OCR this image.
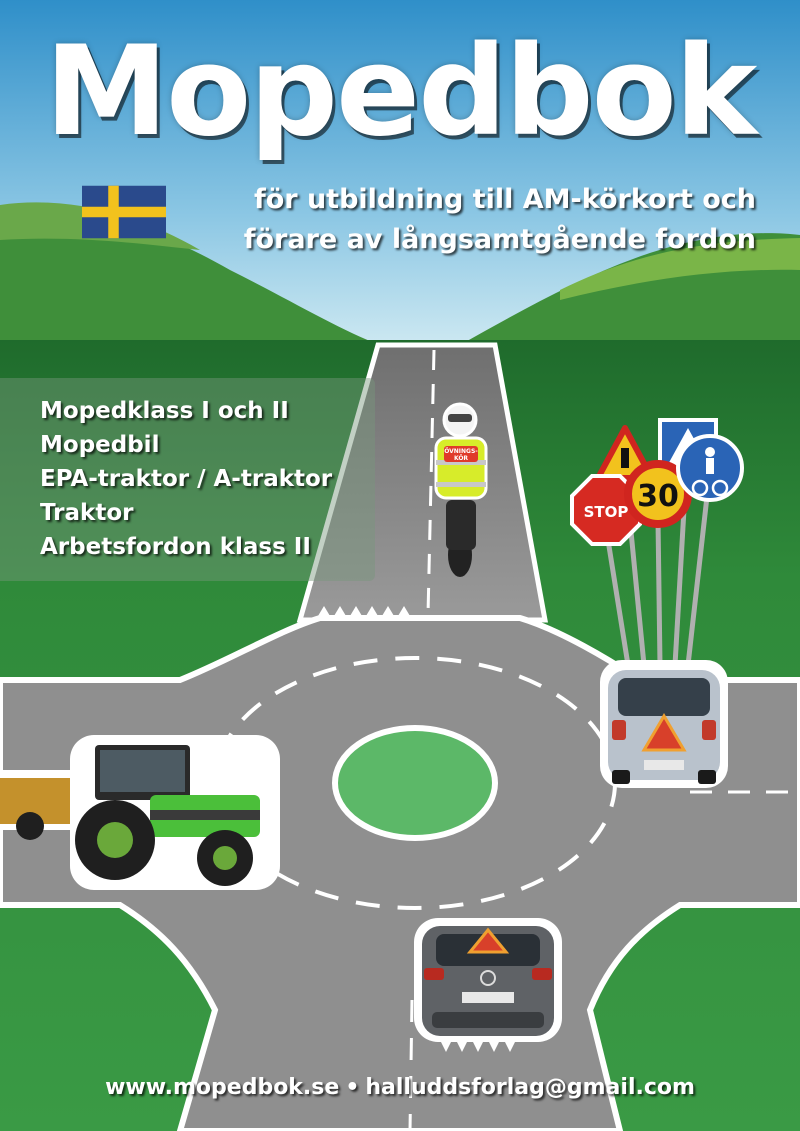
ÖVNINGS-
KÖR
STOP 30
Mopedbok
för utbildning till AM-körkort och
förare av långsamtgående fordon
Mopedklass I och II
Mopedbil
EPA-traktor / A-traktor
Traktor
Arbetsfordon klass II
www.mopedbok.se • halluddsforlag@gmail.com
